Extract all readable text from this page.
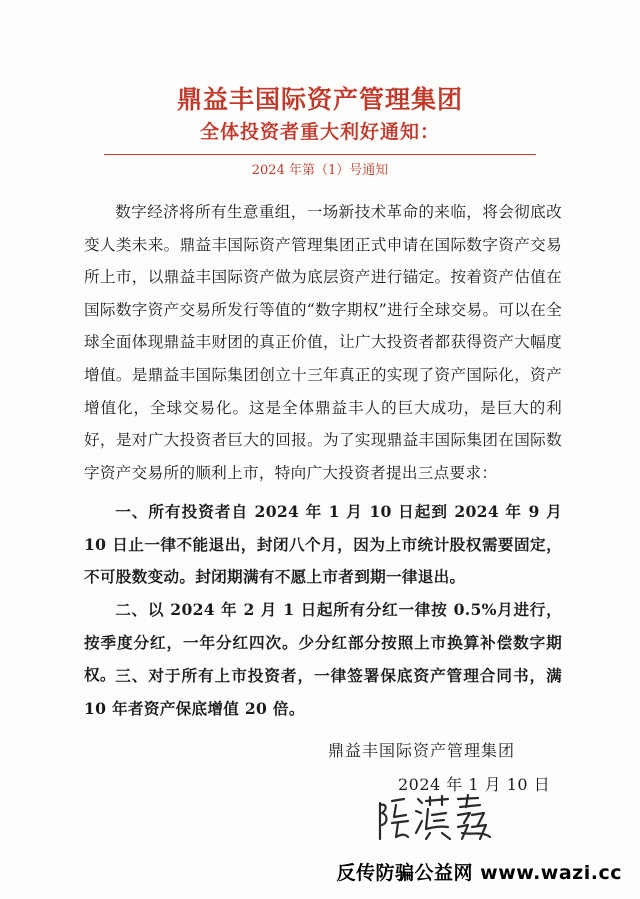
鼎益丰国际资产管理集团
全体投资者重大利好通知：
2024 年第（1）号通知
数字经济将所有生意重组，一场新技术革命的来临，将会彻底改变人类未来。鼎益丰国际资产管理集团正式申请在国际数字资产交易所上市，以鼎益丰国际资产做为底层资产进行锚定。按着资产估值在国际数字资产交易所发行等值的“数字期权”进行全球交易。可以在全球全面体现鼎益丰财团的真正价值，让广大投资者都获得资产大幅度增值。是鼎益丰国际集团创立十三年真正的实现了资产国际化，资产增值化，全球交易化。这是全体鼎益丰人的巨大成功，是巨大的利好，是对广大投资者巨大的回报。为了实现鼎益丰国际集团在国际数字资产交易所的顺利上市，特向广大投资者提出三点要求：
一、所有投资者自 2024 年 1 月 10 日起到 2024 年 9 月 10 日止一律不能退出，封闭八个月，因为上市统计股权需要固定，不可股数变动。封闭期满有不愿上市者到期一律退出。
二、以 2024 年 2 月 1 日起所有分红一律按 0.5%月进行，按季度分红，一年分红四次。少分红部分按照上市换算补偿数字期权。 三、对于所有上市投资者，一律签署保底资产管理合同书，满 10 年者资产保底增值 20 倍。
鼎益丰国际资产管理集团
2024 年 1 月 10 日
反传防骗公益网 www.wazi.cc
